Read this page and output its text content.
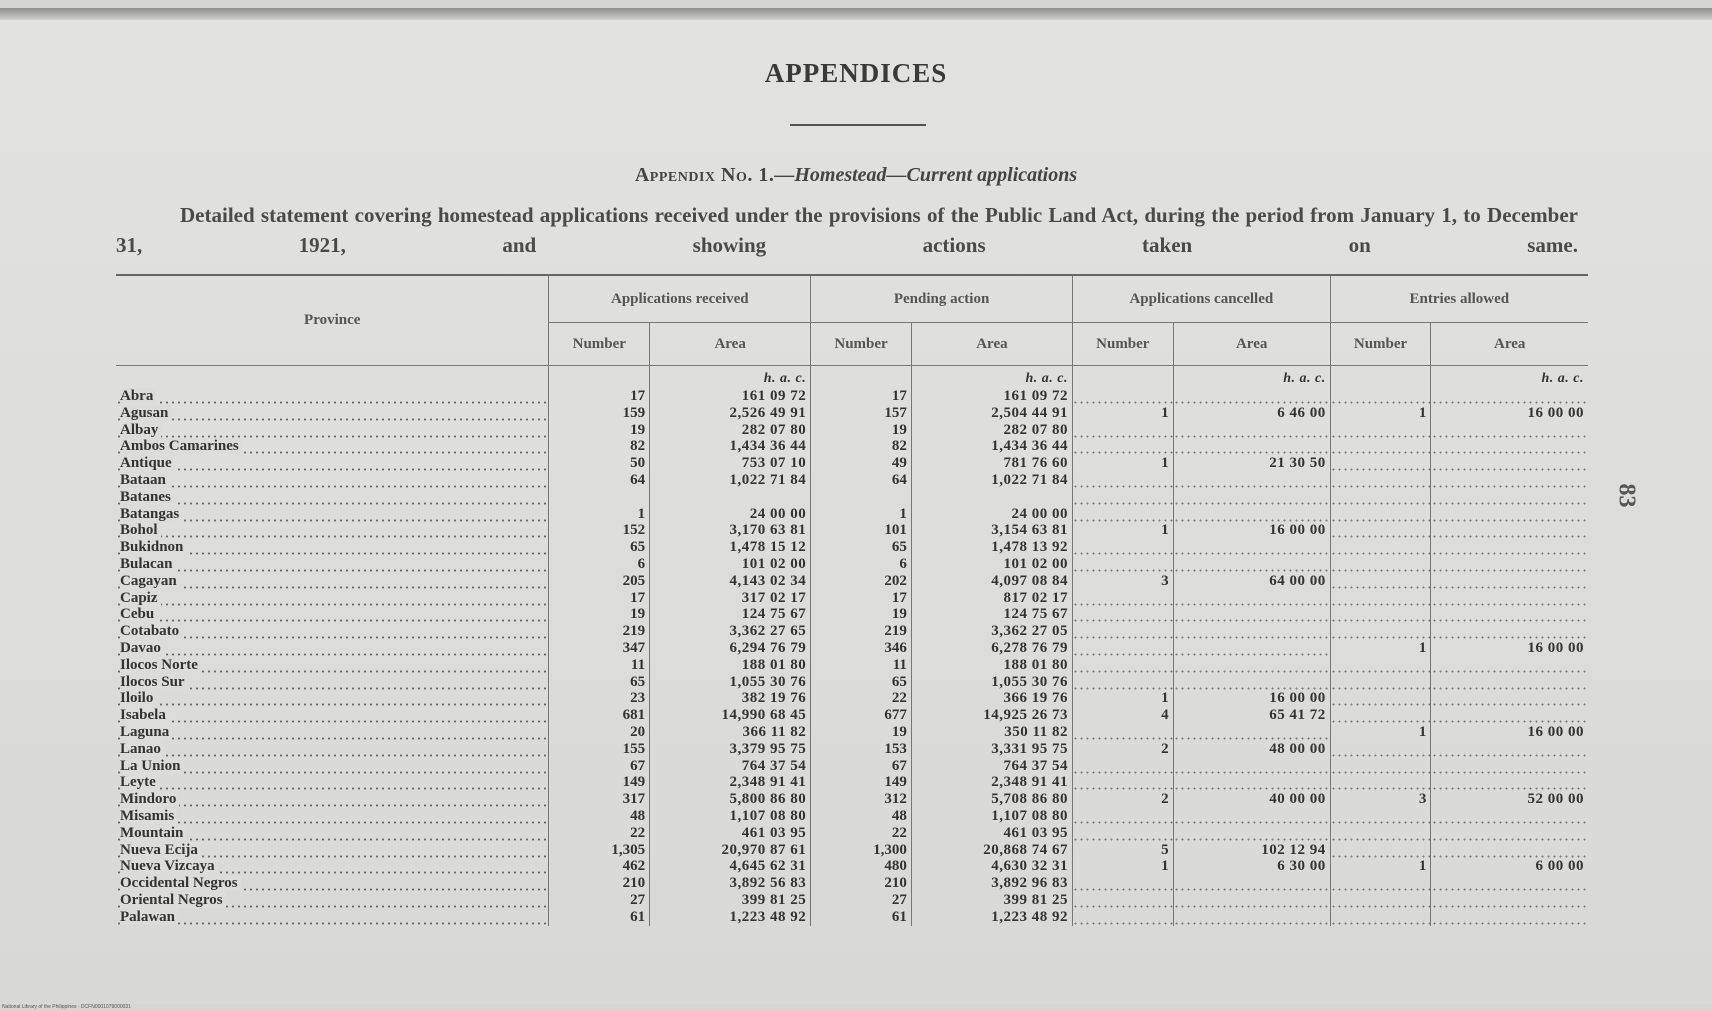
APPENDICES
Appendix No. 1.—Homestead—Current applications
Detailed statement covering homestead applications received under the provisions of the Public Land Act, during the period from January 1, to December 31, 1921, and showing actions taken on same.
83
Province	Applications received		Pending action		Applications cancelled		Entries allowed	
	Number	Area	Number	Area	Number	Area	Number	Area
		h. a. c.		h. a. c.		h. a. c.		h. a. c.
Abra	17	161 09 72	17	161 09 72				
Agusan	159	2,526 49 91	157	2,504 44 91	1	6 46 00	1	16 00 00
Albay	19	282 07 80	19	282 07 80				
Ambos Camarines	82	1,434 36 44	82	1,434 36 44				
Antique	50	753 07 10	49	781 76 60	1	21 30 50		
Bataan	64	1,022 71 84	64	1,022 71 84				
Batanes								
Batangas	1	24 00 00	1	24 00 00				
Bohol	152	3,170 63 81	101	3,154 63 81	1	16 00 00		
Bukidnon	65	1,478 15 12	65	1,478 13 92				
Bulacan	6	101 02 00	6	101 02 00				
Cagayan	205	4,143 02 34	202	4,097 08 84	3	64 00 00		
Capiz	17	317 02 17	17	817 02 17				
Cebu	19	124 75 67	19	124 75 67				
Cotabato	219	3,362 27 65	219	3,362 27 05				
Davao	347	6,294 76 79	346	6,278 76 79			1	16 00 00
Ilocos Norte	11	188 01 80	11	188 01 80				
Ilocos Sur	65	1,055 30 76	65	1,055 30 76				
Iloilo	23	382 19 76	22	366 19 76	1	16 00 00		
Isabela	681	14,990 68 45	677	14,925 26 73	4	65 41 72		
Laguna	20	366 11 82	19	350 11 82			1	16 00 00
Lanao	155	3,379 95 75	153	3,331 95 75	2	48 00 00		
La Union	67	764 37 54	67	764 37 54				
Leyte	149	2,348 91 41	149	2,348 91 41				
Mindoro	317	5,800 86 80	312	5,708 86 80	2	40 00 00	3	52 00 00
Misamis	48	1,107 08 80	48	1,107 08 80				
Mountain	22	461 03 95	22	461 03 95				
Nueva Ecija	1,305	20,970 87 61	1,300	20,868 74 67	5	102 12 94		
Nueva Vizcaya	462	4,645 62 31	480	4,630 32 31	1	6 30 00	1	6 00 00
Occidental Negros	210	3,892 56 83	210	3,892 96 83				
Oriental Negros	27	399 81 25	27	399 81 25				
Palawan	61	1,223 48 92	61	1,223 48 92				
National Library of the Philippines · DCFN0001079000031
